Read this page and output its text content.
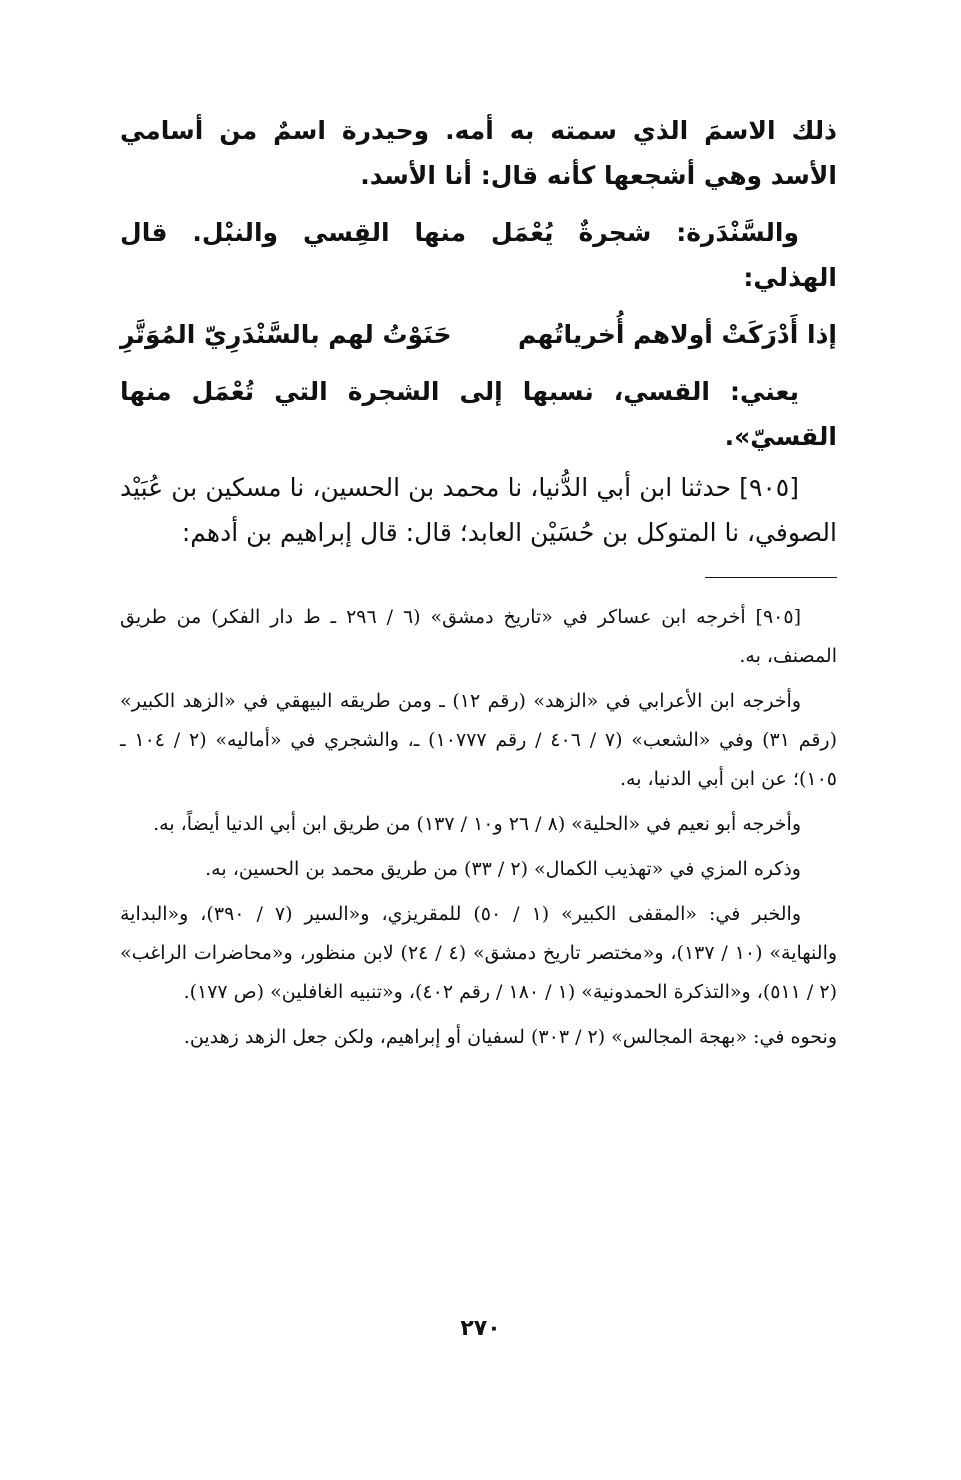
ذلك الاسمَ الذي سمته به أمه. وحيدرة اسمٌ من أسامي الأسد وهي أشجعها كأنه قال: أنا الأسد.

والسَّنْدَرة: شجرةٌ يُعْمَل منها القِسي والنبْل. قال الهذلي:

إذا أَدْرَكَتْ أولاهم أُخرياتُهم
حَنَوْتُ لهم بالسَّنْدَرِيّ المُوَتَّرِ

يعني: القسي، نسبها إلى الشجرة التي تُعْمَل منها القسيّ».

[٩٠٥] حدثنا ابن أبي الدُّنيا، نا محمد بن الحسين، نا مسكين بن عُبَيْد الصوفي، نا المتوكل بن حُسَيْن العابد؛ قال: قال إبراهيم بن أدهم:

[٩٠٥] أخرجه ابن عساكر في «تاريخ دمشق» (٦ / ٢٩٦ ـ ط دار الفكر) من طريق المصنف، به.

وأخرجه ابن الأعرابي في «الزهد» (رقم ١٢) ـ ومن طريقه البيهقي في «الزهد الكبير» (رقم ٣١) وفي «الشعب» (٧ / ٤٠٦ / رقم ١٠٧٧٧) ـ، والشجري في «أماليه» (٢ / ١٠٤ ـ ١٠٥)؛ عن ابن أبي الدنيا، به.

وأخرجه أبو نعيم في «الحلية» (٨ / ٢٦ و١٠ / ١٣٧) من طريق ابن أبي الدنيا أيضاً، به.

وذكره المزي في «تهذيب الكمال» (٢ / ٣٣) من طريق محمد بن الحسين، به.

والخبر في: «المقفى الكبير» (١ / ٥٠) للمقريزي، و«السير (٧ / ٣٩٠)، و«البداية والنهاية» (١٠ / ١٣٧)، و«مختصر تاريخ دمشق» (٤ / ٢٤) لابن منظور، و«محاضرات الراغب» (٢ / ٥١١)، و«التذكرة الحمدونية» (١ / ١٨٠ / رقم ٤٠٢)، و«تنبيه الغافلين» (ص ١٧٧).

ونحوه في: «بهجة المجالس» (٢ / ٣٠٣) لسفيان أو إبراهيم، ولكن جعل الزهد زهدين.

٢٧٠
